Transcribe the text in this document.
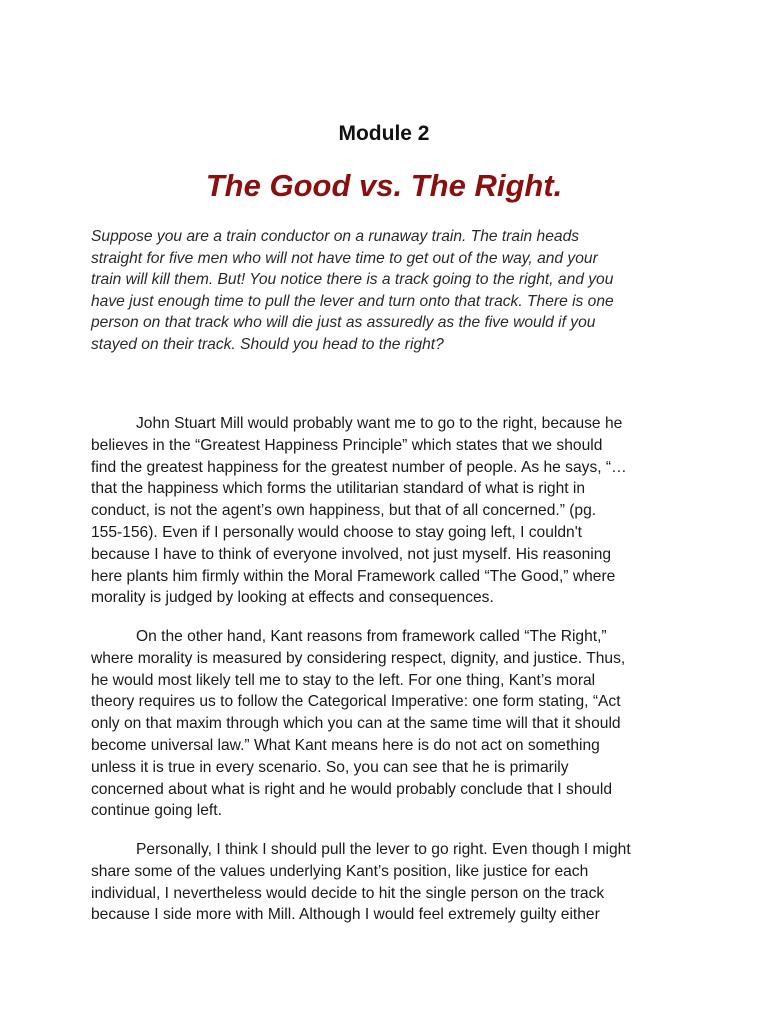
Module 2
The Good vs. The Right.

Suppose you are a train conductor on a runaway train. The train heads
straight for five men who will not have time to get out of the way, and your
train will kill them. But! You notice there is a track going to the right, and you
have just enough time to pull the lever and turn onto that track. There is one
person on that track who will die just as assuredly as the five would if you
stayed on their track. Should you head to the right?

John Stuart Mill would probably want me to go to the right, because he
believes in the “Greatest Happiness Principle” which states that we should
find the greatest happiness for the greatest number of people. As he says, “…
that the happiness which forms the utilitarian standard of what is right in
conduct, is not the agent’s own happiness, but that of all concerned.” (pg.
155-156). Even if I personally would choose to stay going left, I couldn't
because I have to think of everyone involved, not just myself. His reasoning
here plants him firmly within the Moral Framework called “The Good,” where
morality is judged by looking at effects and consequences.

On the other hand, Kant reasons from framework called “The Right,”
where morality is measured by considering respect, dignity, and justice. Thus,
he would most likely tell me to stay to the left. For one thing, Kant’s moral
theory requires us to follow the Categorical Imperative: one form stating, “Act
only on that maxim through which you can at the same time will that it should
become universal law.” What Kant means here is do not act on something
unless it is true in every scenario. So, you can see that he is primarily
concerned about what is right and he would probably conclude that I should
continue going left.

Personally, I think I should pull the lever to go right. Even though I might
share some of the values underlying Kant’s position, like justice for each
individual, I nevertheless would decide to hit the single person on the track
because I side more with Mill. Although I would feel extremely guilty either
